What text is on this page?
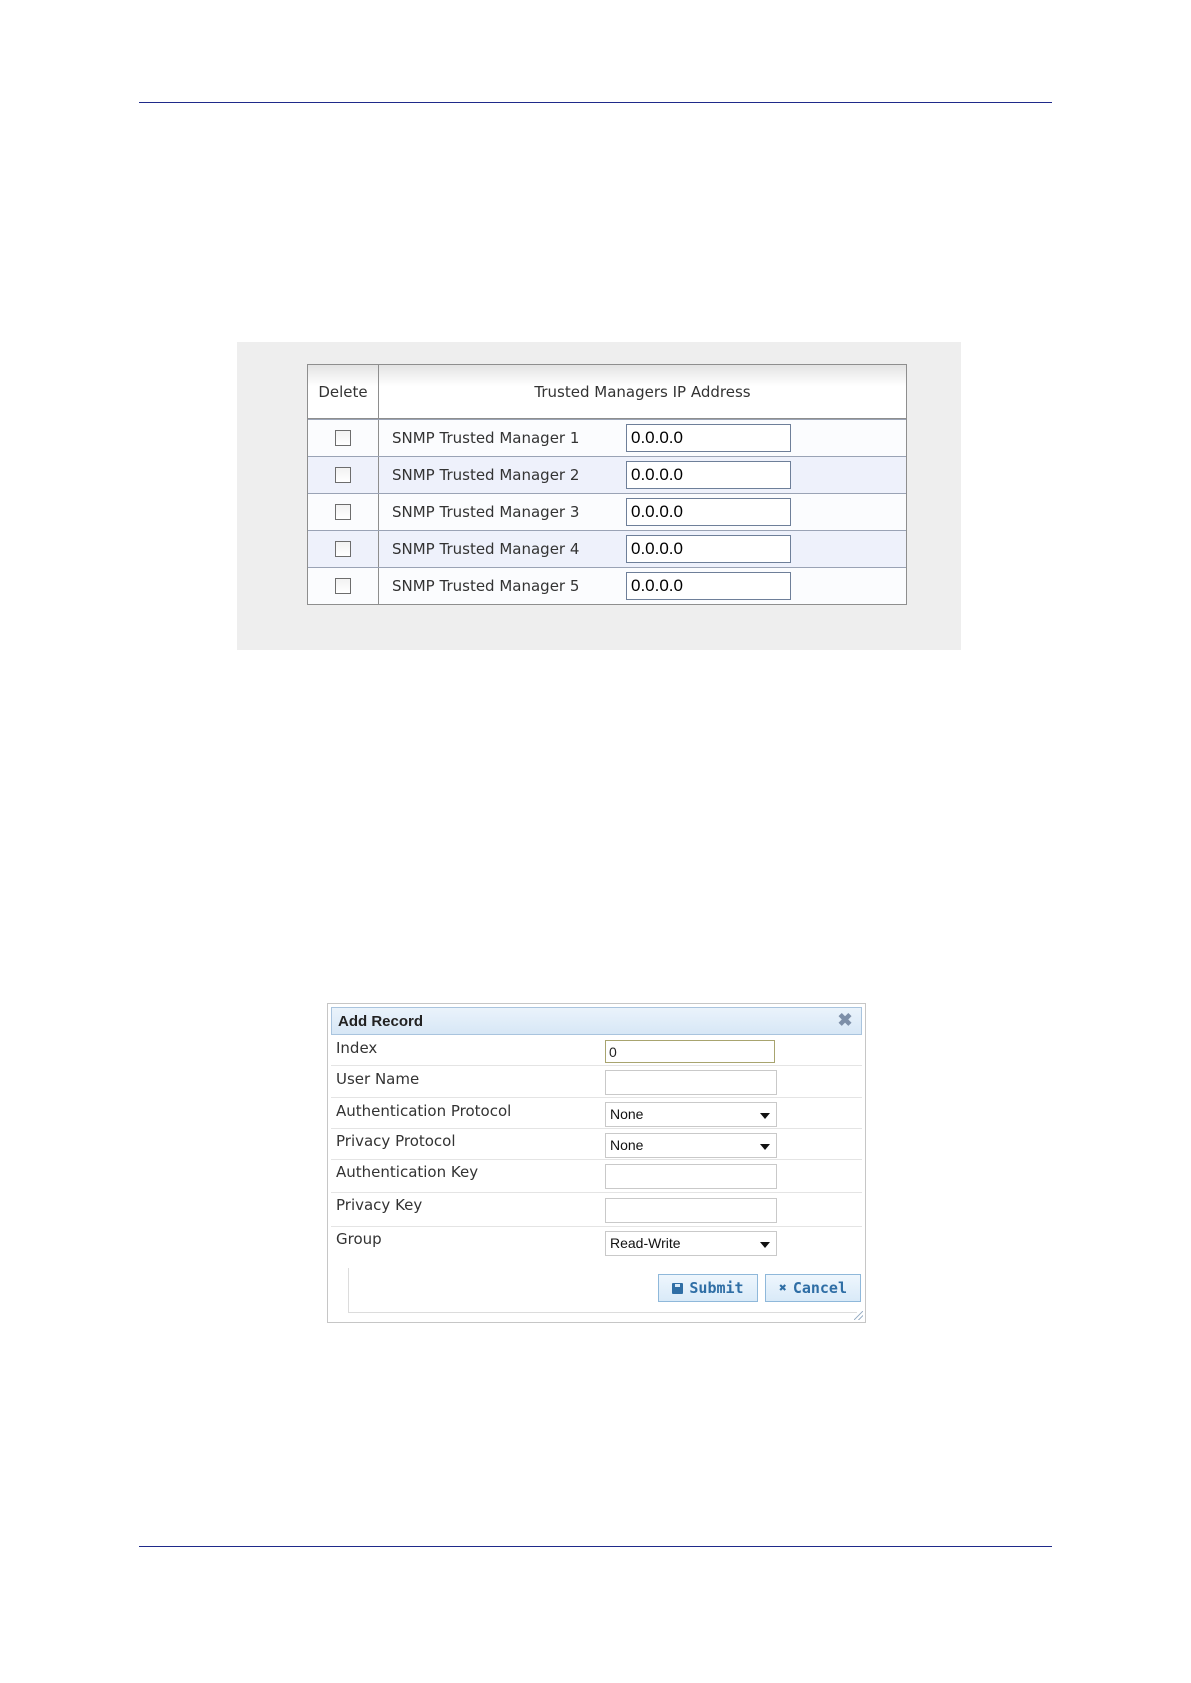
Delete	Trusted Managers IP Address
SNMP Trusted Manager 1	0.0.0.0
SNMP Trusted Manager 2	0.0.0.0
SNMP Trusted Manager 3	0.0.0.0
SNMP Trusted Manager 4	0.0.0.0
SNMP Trusted Manager 5	0.0.0.0
Add Record	✖
Index	0
User Name
Authentication Protocol	None
Privacy Protocol	None
Authentication Key
Privacy Key
Group	Read-Write
Submit	✖ Cancel
